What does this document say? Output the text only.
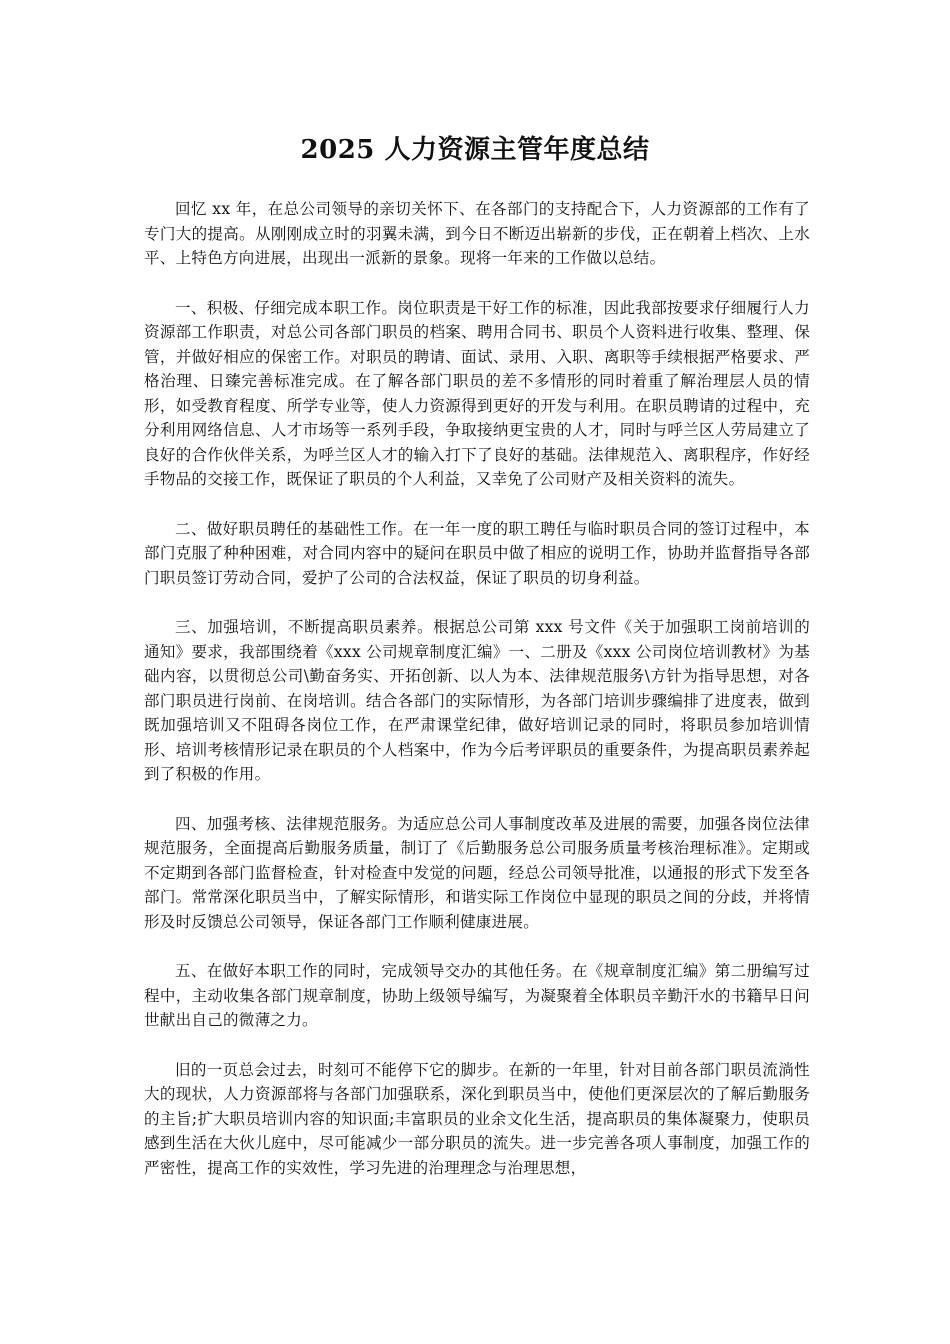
2025 人力资源主管年度总结

回忆 xx 年，在总公司领导的亲切关怀下、在各部门的支持配合下，人力资源部的工作有了专门大的提高。从刚刚成立时的羽翼未满，到今日不断迈出崭新的步伐，正在朝着上档次、上水平、上特色方向进展，出现出一派新的景象。现将一年来的工作做以总结。

一、积极、仔细完成本职工作。岗位职责是干好工作的标准，因此我部按要求仔细履行人力资源部工作职责，对总公司各部门职员的档案、聘用合同书、职员个人资料进行收集、整理、保管，并做好相应的保密工作。对职员的聘请、面试、录用、入职、离职等手续根据严格要求、严格治理、日臻完善标准完成。在了解各部门职员的差不多情形的同时着重了解治理层人员的情形，如受教育程度、所学专业等，使人力资源得到更好的开发与利用。在职员聘请的过程中，充分利用网络信息、人才市场等一系列手段，争取接纳更宝贵的人才，同时与呼兰区人劳局建立了良好的合作伙伴关系，为呼兰区人才的输入打下了良好的基础。法律规范入、离职程序，作好经手物品的交接工作，既保证了职员的个人利益，又幸免了公司财产及相关资料的流失。

二、做好职员聘任的基础性工作。在一年一度的职工聘任与临时职员合同的签订过程中，本部门克服了种种困难，对合同内容中的疑问在职员中做了相应的说明工作，协助并监督指导各部门职员签订劳动合同，爱护了公司的合法权益，保证了职员的切身利益。

三、加强培训，不断提高职员素养。根据总公司第 xxx 号文件《关于加强职工岗前培训的通知》要求，我部围绕着《xxx 公司规章制度汇编》一、二册及《xxx 公司岗位培训教材》为基础内容，以贯彻总公司\勤奋务实、开拓创新、以人为本、法律规范服务\方针为指导思想，对各部门职员进行岗前、在岗培训。结合各部门的实际情形，为各部门培训步骤编排了进度表，做到既加强培训又不阻碍各岗位工作，在严肃课堂纪律，做好培训记录的同时，将职员参加培训情形、培训考核情形记录在职员的个人档案中，作为今后考评职员的重要条件，为提高职员素养起到了积极的作用。

四、加强考核、法律规范服务。为适应总公司人事制度改革及进展的需要，加强各岗位法律规范服务，全面提高后勤服务质量，制订了《后勤服务总公司服务质量考核治理标准》。定期或不定期到各部门监督检查，针对检查中发觉的问题，经总公司领导批准，以通报的形式下发至各部门。常常深化职员当中，了解实际情形，和谐实际工作岗位中显现的职员之间的分歧，并将情形及时反馈总公司领导，保证各部门工作顺利健康进展。

五、在做好本职工作的同时，完成领导交办的其他任务。在《规章制度汇编》第二册编写过程中，主动收集各部门规章制度，协助上级领导编写，为凝聚着全体职员辛勤汗水的书籍早日问世献出自己的微薄之力。

旧的一页总会过去，时刻可不能停下它的脚步。在新的一年里，针对目前各部门职员流淌性大的现状，人力资源部将与各部门加强联系，深化到职员当中，使他们更深层次的了解后勤服务的主旨;扩大职员培训内容的知识面;丰富职员的业余文化生活，提高职员的集体凝聚力，使职员感到生活在大伙儿庭中，尽可能减少一部分职员的流失。进一步完善各项人事制度，加强工作的严密性，提高工作的实效性，学习先进的治理理念与治理思想，
